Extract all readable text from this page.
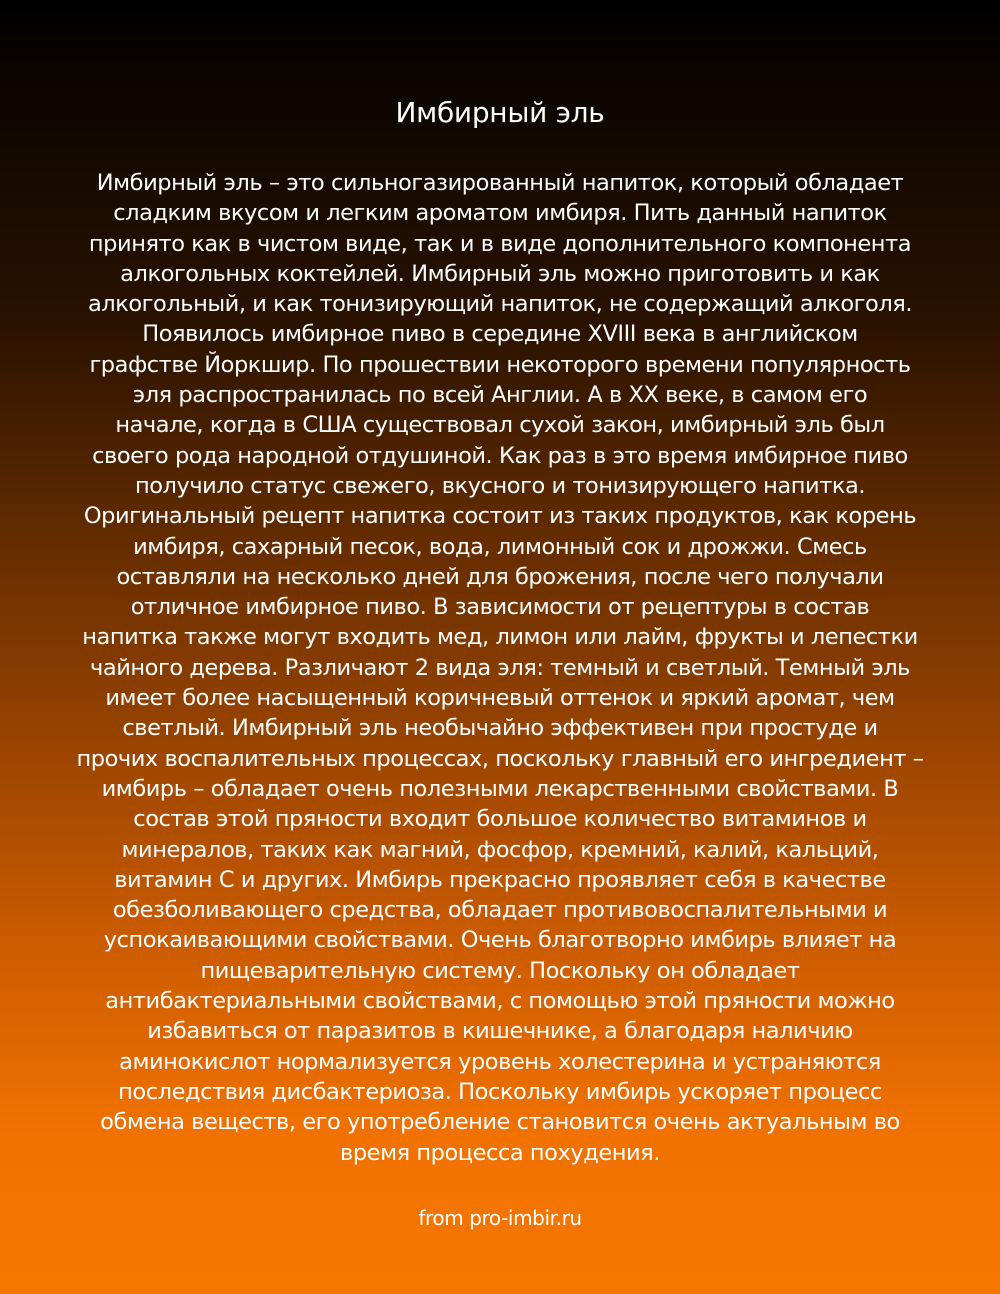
Имбирный эль
Имбирный эль – это сильногазированный напиток, который обладает
сладким вкусом и легким ароматом имбиря. Пить данный напиток
принято как в чистом виде, так и в виде дополнительного компонента
алкогольных коктейлей. Имбирный эль можно приготовить и как
алкогольный, и как тонизирующий напиток, не содержащий алкоголя.
Появилось имбирное пиво в середине XVIII века в английском
графстве Йоркшир. По прошествии некоторого времени популярность
эля распространилась по всей Англии. А в XX веке, в самом его
начале, когда в США существовал сухой закон, имбирный эль был
своего рода народной отдушиной. Как раз в это время имбирное пиво
получило статус свежего, вкусного и тонизирующего напитка.
Оригинальный рецепт напитка состоит из таких продуктов, как корень
имбиря, сахарный песок, вода, лимонный сок и дрожжи. Смесь
оставляли на несколько дней для брожения, после чего получали
отличное имбирное пиво. В зависимости от рецептуры в состав
напитка также могут входить мед, лимон или лайм, фрукты и лепестки
чайного дерева. Различают 2 вида эля: темный и светлый. Темный эль
имеет более насыщенный коричневый оттенок и яркий аромат, чем
светлый. Имбирный эль необычайно эффективен при простуде и
прочих воспалительных процессах, поскольку главный его ингредиент –
имбирь – обладает очень полезными лекарственными свойствами. В
состав этой пряности входит большое количество витаминов и
минералов, таких как магний, фосфор, кремний, калий, кальций,
витамин С и других. Имбирь прекрасно проявляет себя в качестве
обезболивающего средства, обладает противовоспалительными и
успокаивающими свойствами. Очень благотворно имбирь влияет на
пищеварительную систему. Поскольку он обладает
антибактериальными свойствами, с помощью этой пряности можно
избавиться от паразитов в кишечнике, а благодаря наличию
аминокислот нормализуется уровень холестерина и устраняются
последствия дисбактериоза. Поскольку имбирь ускоряет процесс
обмена веществ, его употребление становится очень актуальным во
время процесса похудения.
from pro-imbir.ru
